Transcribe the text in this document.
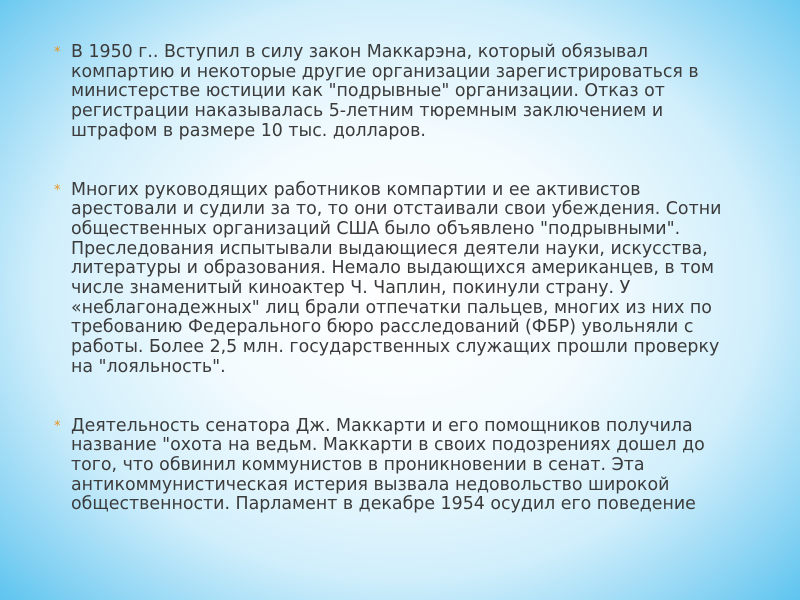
* В 1950 г.. Вступил в силу закон Маккарэна, который обязывал компартию и некоторые другие организации зарегистрироваться в министерстве юстиции как "подрывные" организации. Отказ от регистрации наказывалась 5-летним тюремным заключением и штрафом в размере 10 тыс. долларов.

* Многих руководящих работников компартии и ее активистов арестовали и судили за то, то они отстаивали свои убеждения. Сотни общественных организаций США было объявлено "подрывными". Преследования испытывали выдающиеся деятели науки, искусства, литературы и образования. Немало выдающихся американцев, в том числе знаменитый киноактер Ч. Чаплин, покинули страну. У «неблагонадежных" лиц брали отпечатки пальцев, многих из них по требованию Федерального бюро расследований (ФБР) увольняли с работы. Более 2,5 млн. государственных служащих прошли проверку на "лояльность".

* Деятельность сенатора Дж. Маккарти и его помощников получила название "охота на ведьм. Маккарти в своих подозрениях дошел до того, что обвинил коммунистов в проникновении в сенат. Эта антикоммунистическая истерия вызвала недовольство широкой общественности. Парламент в декабре 1954 осудил его поведение
